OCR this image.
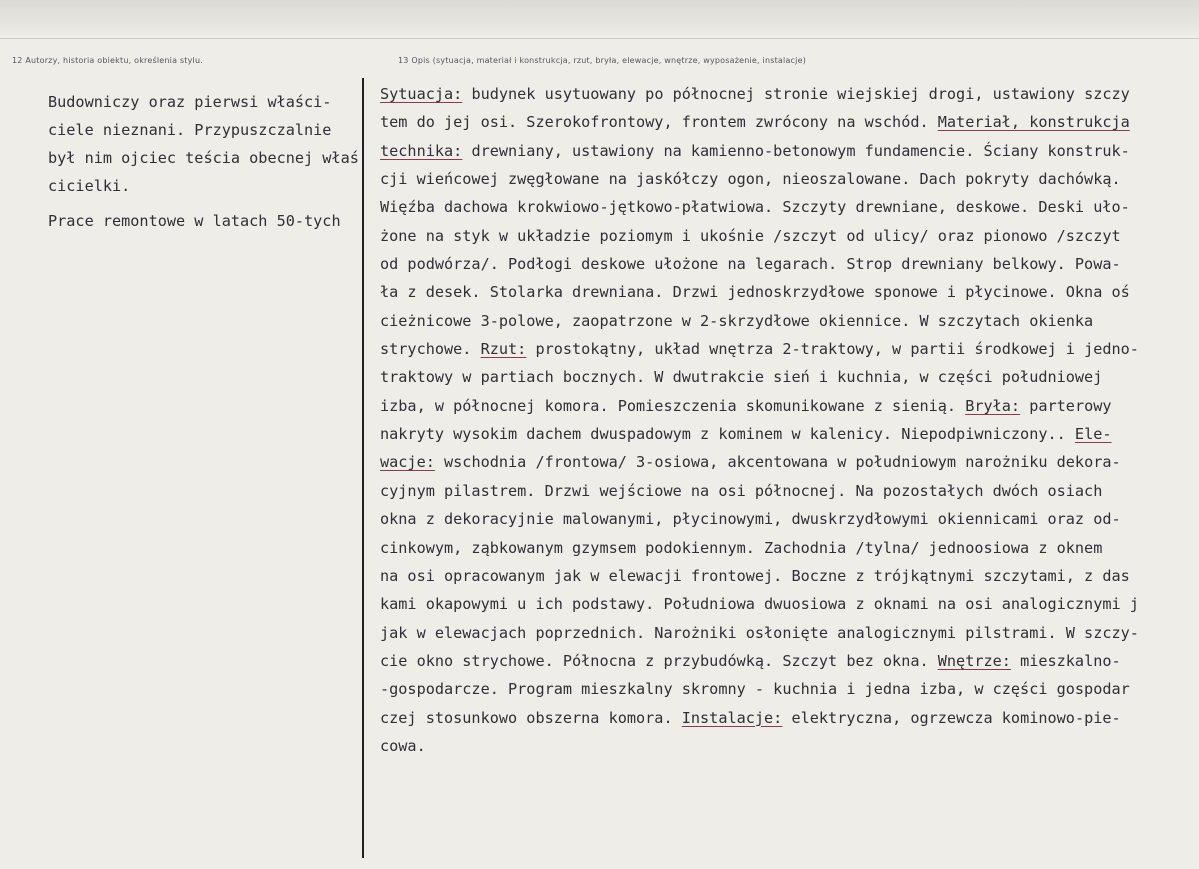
12 Autorzy, historia obiektu, określenia stylu.	13 Opis (sytuacja, materiał i konstrukcja, rzut, bryła, elewacje, wnętrze, wyposażenie, instalacje)
Budowniczy oraz pierwsi właści-
ciele nieznani. Przypuszczalnie
był nim ojciec teścia obecnej właś
cicielki.
Prace remontowe w latach 50-tych
Sytuacja: budynek usytuowany po północnej stronie wiejskiej drogi, ustawiony szczy
tem do jej osi. Szerokofrontowy, frontem zwrócony na wschód. Materiał, konstrukcja
technika: drewniany, ustawiony na kamienno-betonowym fundamencie. Ściany konstruk-
cji wieńcowej zwęgłowane na jaskółczy ogon, nieoszalowane. Dach pokryty dachówką.
Więźba dachowa krokwiowo-jętkowo-płatwiowa. Szczyty drewniane, deskowe. Deski uło-
żone na styk w układzie poziomym i ukośnie /szczyt od ulicy/ oraz pionowo /szczyt
od podwórza/. Podłogi deskowe ułożone na legarach. Strop drewniany belkowy. Powa-
ła z desek. Stolarka drewniana. Drzwi jednoskrzydłowe sponowe i płycinowe. Okna oś
cieżnicowe 3-polowe, zaopatrzone w 2-skrzydłowe okiennice. W szczytach okienka
strychowe. Rzut: prostokątny, układ wnętrza 2-traktowy, w partii środkowej i jedno-
traktowy w partiach bocznych. W dwutrakcie sień i kuchnia, w części południowej
izba, w północnej komora. Pomieszczenia skomunikowane z sienią. Bryła: parterowy
nakryty wysokim dachem dwuspadowym z kominem w kalenicy. Niepodpiwniczony.. Ele-
wacje: wschodnia /frontowa/ 3-osiowa, akcentowana w południowym narożniku dekora-
cyjnym pilastrem. Drzwi wejściowe na osi północnej. Na pozostałych dwóch osiach
okna z dekoracyjnie malowanymi, płycinowymi, dwuskrzydłowymi okiennicami oraz od-
cinkowym, ząbkowanym gzymsem podokiennym. Zachodnia /tylna/ jednoosiowa z oknem
na osi opracowanym jak w elewacji frontowej. Boczne z trójkątnymi szczytami, z das
kami okapowymi u ich podstawy. Południowa dwuosiowa z oknami na osi analogicznymi j
jak w elewacjach poprzednich. Narożniki osłonięte analogicznymi pilstrami. W szczy-
cie okno strychowe. Północna z przybudówką. Szczyt bez okna. Wnętrze: mieszkalno-
-gospodarcze. Program mieszkalny skromny - kuchnia i jedna izba, w części gospodar
czej stosunkowo obszerna komora. Instalacje: elektryczna, ogrzewcza kominowo-pie-
cowa.
